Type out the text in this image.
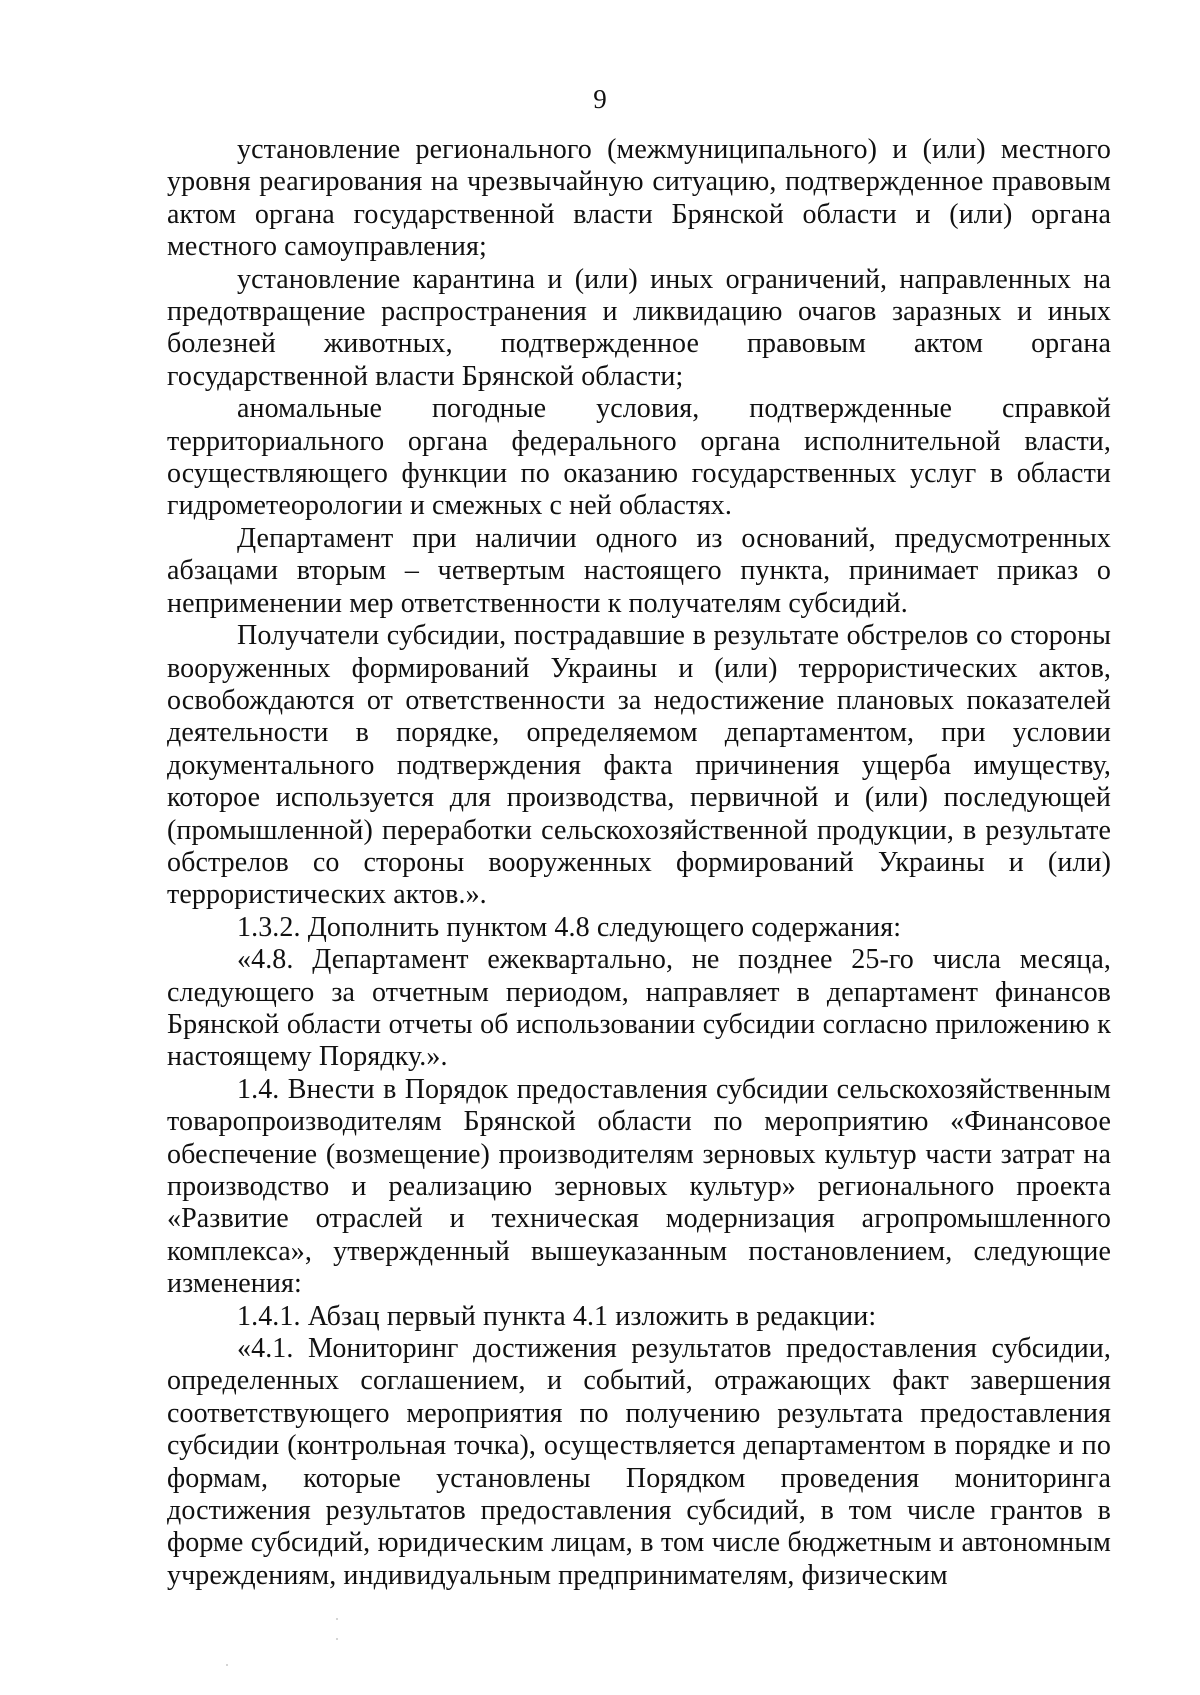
9

установление регионального (межмуниципального) и (или) местного уровня реагирования на чрезвычайную ситуацию, подтвержденное правовым актом органа государственной власти Брянской области и (или) органа местного самоуправления;

установление карантина и (или) иных ограничений, направленных на предотвращение распространения и ликвидацию очагов заразных и иных болезней животных, подтвержденное правовым актом органа государственной власти Брянской области;

аномальные погодные условия, подтвержденные справкой территориального органа федерального органа исполнительной власти, осуществляющего функции по оказанию государственных услуг в области гидрометеорологии и смежных с ней областях.

Департамент при наличии одного из оснований, предусмотренных абзацами вторым – четвертым настоящего пункта, принимает приказ о неприменении мер ответственности к получателям субсидий.

Получатели субсидии, пострадавшие в результате обстрелов со стороны вооруженных формирований Украины и (или) террористических актов, освобождаются от ответственности за недостижение плановых показателей деятельности в порядке, определяемом департаментом, при условии документального подтверждения факта причинения ущерба имуществу, которое используется для производства, первичной и (или) последующей (промышленной) переработки сельскохозяйственной продукции, в результате обстрелов со стороны вооруженных формирований Украины и (или) террористических актов.».

1.3.2. Дополнить пунктом 4.8 следующего содержания:

«4.8. Департамент ежеквартально, не позднее 25-го числа месяца, следующего за отчетным периодом, направляет в департамент финансов Брянской области отчеты об использовании субсидии согласно приложению к настоящему Порядку.».

1.4. Внести в Порядок предоставления субсидии сельскохозяйственным товаропроизводителям Брянской области по мероприятию «Финансовое обеспечение (возмещение) производителям зерновых культур части затрат на производство и реализацию зерновых культур» регионального проекта «Развитие отраслей и техническая модернизация агропромышленного комплекса», утвержденный вышеуказанным постановлением, следующие изменения:

1.4.1. Абзац первый пункта 4.1 изложить в редакции:

«4.1. Мониторинг достижения результатов предоставления субсидии, определенных соглашением, и событий, отражающих факт завершения соответствующего мероприятия по получению результата предоставления субсидии (контрольная точка), осуществляется департаментом в порядке и по формам, которые установлены Порядком проведения мониторинга достижения результатов предоставления субсидий, в том числе грантов в форме субсидий, юридическим лицам, в том числе бюджетным и автономным учреждениям, индивидуальным предпринимателям, физическим
